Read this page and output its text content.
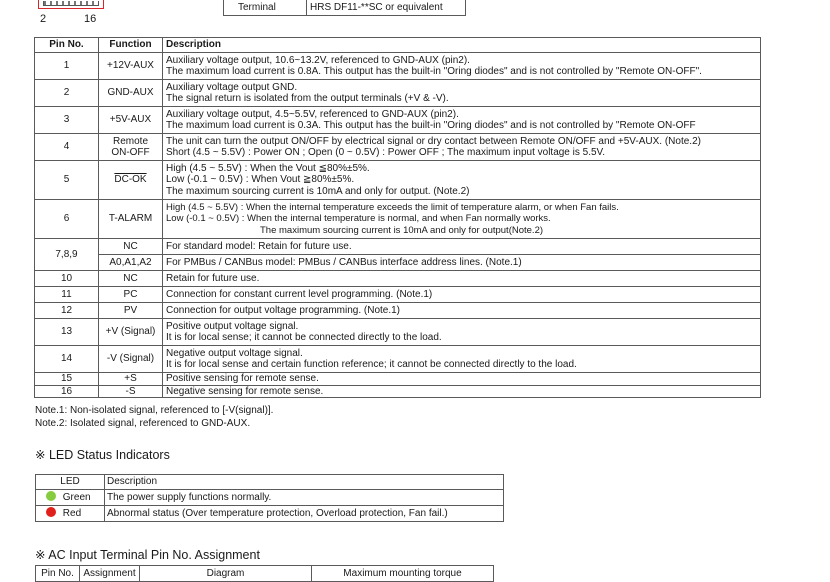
2	16
Terminal	HRS DF11-**SC or equivalent
Pin No.	Function	Description
1	+12V-AUX	Auxiliary voltage output, 10.6~13.2V, referenced to GND-AUX (pin2).
The maximum load current is 0.8A. This output has the built-in "Oring diodes" and is not controlled by "Remote ON-OFF".

2	GND-AUX	Auxiliary voltage output GND.
The signal return is isolated from the output terminals (+V & -V).

3	+5V-AUX	Auxiliary voltage output, 4.5~5.5V, referenced to GND-AUX (pin2).
The maximum load current is 0.3A. This output has the built-in "Oring diodes" and is not controlled by "Remote ON-OFF

4	Remote ON-OFF	The unit can turn the output ON/OFF by electrical signal or dry contact between Remote ON/OFF and +5V-AUX. (Note.2)
Short (4.5 ~ 5.5V) : Power ON ; Open (0 ~ 0.5V) : Power OFF ; The maximum input voltage is 5.5V.

5	DC-OK	High (4.5 ~ 5.5V) : When the Vout ≦80%±5%.
Low (-0.1 ~ 0.5V) : When Vout ≧80%±5%.
The maximum sourcing current is 10mA and only for output. (Note.2)

6	T-ALARM	High (4.5 ~ 5.5V) : When the internal temperature exceeds the limit of temperature alarm, or when Fan fails.
Low (-0.1 ~ 0.5V) : When the internal temperature is normal, and when Fan normally works.
The maximum sourcing current is 10mA and only for output(Note.2)

7,8,9	NC	For standard model: Retain for future use.
	A0,A1,A2	For PMBus / CANBus model: PMBus / CANBus interface address lines. (Note.1)
10	NC	Retain for future use.
11	PC	Connection for constant current level programming. (Note.1)
12	PV	Connection for output voltage programming. (Note.1)
13	+V (Signal)	Positive output voltage signal.
It is for local sense; it cannot be connected directly to the load.

14	-V (Signal)	Negative output voltage signal.
It is for local sense and certain function reference; it cannot be connected directly to the load.

15	+S	Positive sensing for remote sense.
16	-S	Negative sensing for remote sense.
Note.1: Non-isolated signal, referenced to [-V(signal)].
Note.2: Isolated signal, referenced to GND-AUX.
※ LED Status Indicators
LED	Description
Green	The power supply functions normally.
Red	Abnormal status (Over temperature protection, Overload protection, Fan fail.)
※ AC Input Terminal Pin No. Assignment
Pin No.	Assignment	Diagram	Maximum mounting torque
